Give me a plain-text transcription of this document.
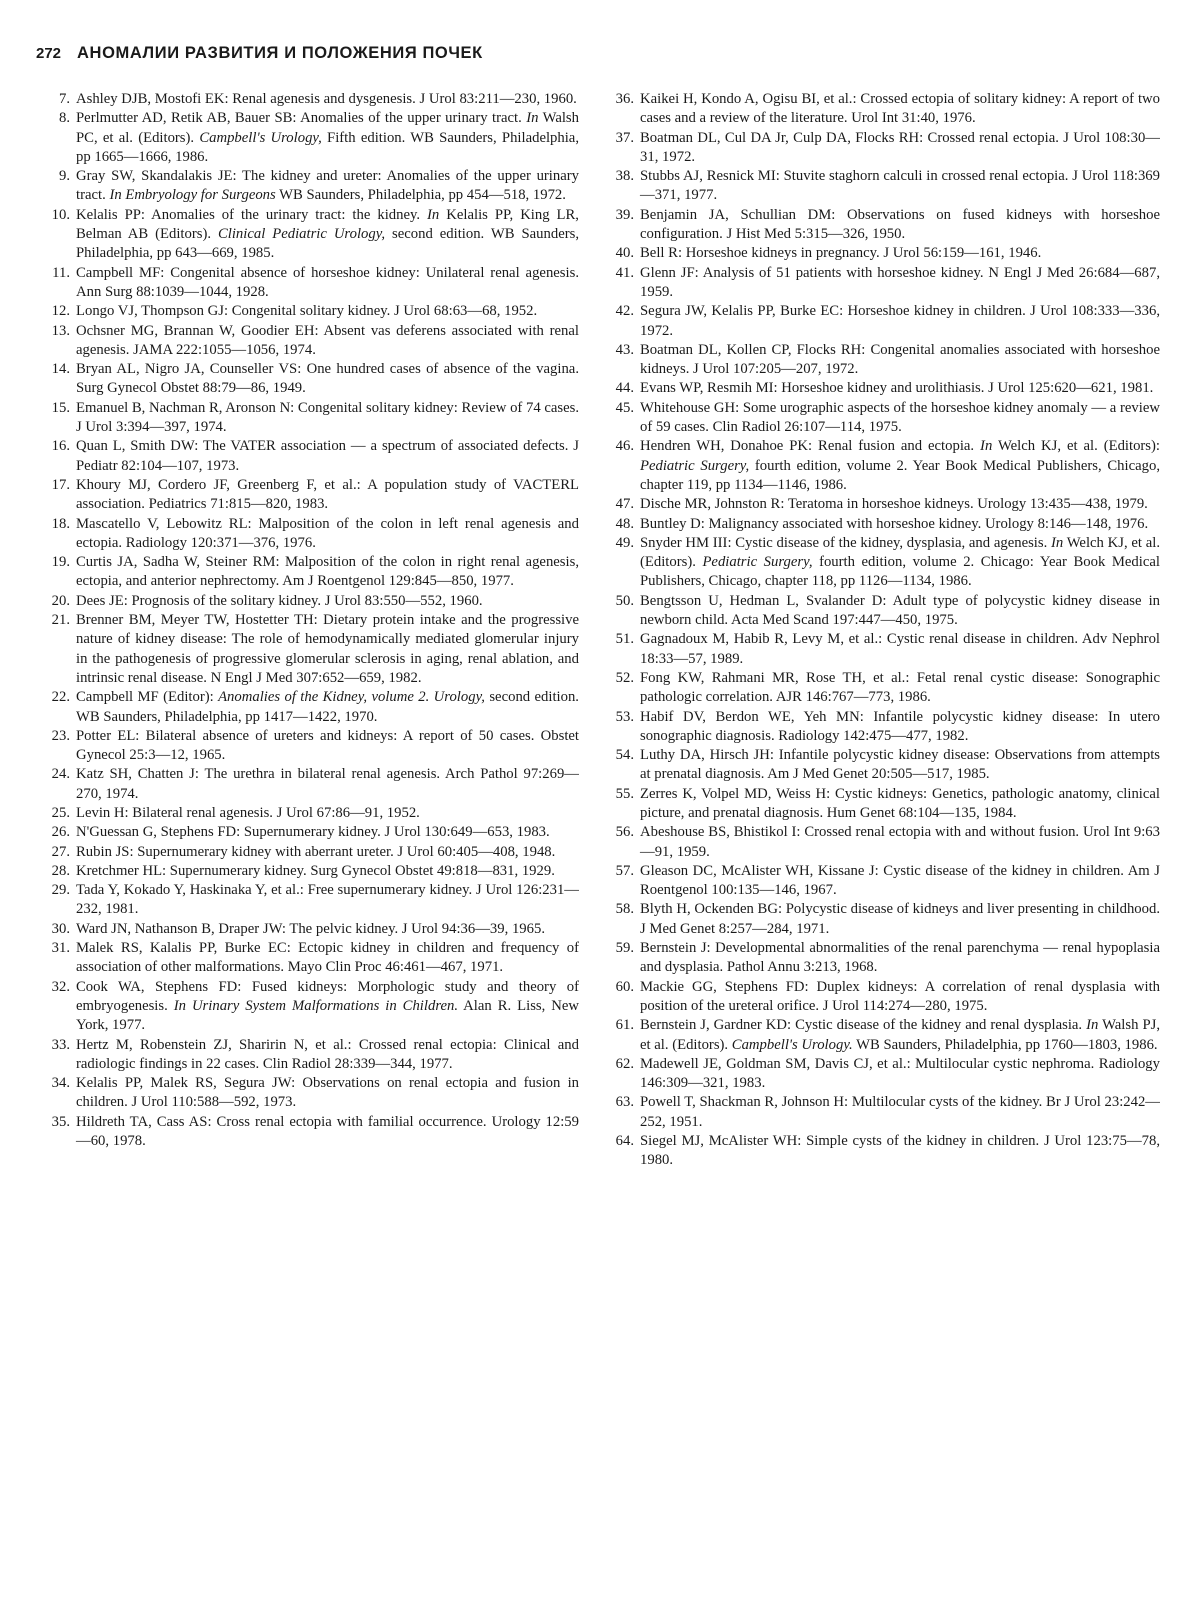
272 АНОМАЛИИ РАЗВИТИЯ И ПОЛОЖЕНИЯ ПОЧЕК
7. Ashley DJB, Mostofi EK: Renal agenesis and dysgenesis. J Urol 83:211—230, 1960.
8. Perlmutter AD, Retik AB, Bauer SB: Anomalies of the upper urinary tract. In Walsh PC, et al. (Editors). Campbell's Urology, Fifth edition. WB Saunders, Philadelphia, pp 1665—1666, 1986.
9. Gray SW, Skandalakis JE: The kidney and ureter: Anomalies of the upper urinary tract. In Embryology for Surgeons WB Saunders, Philadelphia, pp 454—518, 1972.
10. Kelalis PP: Anomalies of the urinary tract: the kidney. In Kelalis PP, King LR, Belman AB (Editors). Clinical Pediatric Urology, second edition. WB Saunders, Philadelphia, pp 643—669, 1985.
11. Campbell MF: Congenital absence of horseshoe kidney: Unilateral renal agenesis. Ann Surg 88:1039—1044, 1928.
12. Longo VJ, Thompson GJ: Congenital solitary kidney. J Urol 68:63—68, 1952.
13. Ochsner MG, Brannan W, Goodier EH: Absent vas deferens associated with renal agenesis. JAMA 222:1055—1056, 1974.
14. Bryan AL, Nigro JA, Counseller VS: One hundred cases of absence of the vagina. Surg Gynecol Obstet 88:79—86, 1949.
15. Emanuel B, Nachman R, Aronson N: Congenital solitary kidney: Review of 74 cases. J Urol 3:394—397, 1974.
16. Quan L, Smith DW: The VATER association — a spectrum of associated defects. J Pediatr 82:104—107, 1973.
17. Khoury MJ, Cordero JF, Greenberg F, et al.: A population study of VACTERL association. Pediatrics 71:815—820, 1983.
18. Mascatello V, Lebowitz RL: Malposition of the colon in left renal agenesis and ectopia. Radiology 120:371—376, 1976.
19. Curtis JA, Sadha W, Steiner RM: Malposition of the colon in right renal agenesis, ectopia, and anterior nephrectomy. Am J Roentgenol 129:845—850, 1977.
20. Dees JE: Prognosis of the solitary kidney. J Urol 83:550—552, 1960.
21. Brenner BM, Meyer TW, Hostetter TH: Dietary protein intake and the progressive nature of kidney disease: The role of hemodynamically mediated glomerular injury in the pathogenesis of progressive glomerular sclerosis in aging, renal ablation, and intrinsic renal disease. N Engl J Med 307:652—659, 1982.
22. Campbell MF (Editor): Anomalies of the Kidney, volume 2. Urology, second edition. WB Saunders, Philadelphia, pp 1417—1422, 1970.
23. Potter EL: Bilateral absence of ureters and kidneys: A report of 50 cases. Obstet Gynecol 25:3—12, 1965.
24. Katz SH, Chatten J: The urethra in bilateral renal agenesis. Arch Pathol 97:269—270, 1974.
25. Levin H: Bilateral renal agenesis. J Urol 67:86—91, 1952.
26. N'Guessan G, Stephens FD: Supernumerary kidney. J Urol 130:649—653, 1983.
27. Rubin JS: Supernumerary kidney with aberrant ureter. J Urol 60:405—408, 1948.
28. Kretchmer HL: Supernumerary kidney. Surg Gynecol Obstet 49:818—831, 1929.
29. Tada Y, Kokado Y, Haskinaka Y, et al.: Free supernumerary kidney. J Urol 126:231—232, 1981.
30. Ward JN, Nathanson B, Draper JW: The pelvic kidney. J Urol 94:36—39, 1965.
31. Malek RS, Kalalis PP, Burke EC: Ectopic kidney in children and frequency of association of other malformations. Mayo Clin Proc 46:461—467, 1971.
32. Cook WA, Stephens FD: Fused kidneys: Morphologic study and theory of embryogenesis. In Urinary System Malformations in Children. Alan R. Liss, New York, 1977.
33. Hertz M, Robenstein ZJ, Sharirin N, et al.: Crossed renal ectopia: Clinical and radiologic findings in 22 cases. Clin Radiol 28:339—344, 1977.
34. Kelalis PP, Malek RS, Segura JW: Observations on renal ectopia and fusion in children. J Urol 110:588—592, 1973.
35. Hildreth TA, Cass AS: Cross renal ectopia with familial occurrence. Urology 12:59—60, 1978.
36. Kaikei H, Kondo A, Ogisu BI, et al.: Crossed ectopia of solitary kidney: A report of two cases and a review of the literature. Urol Int 31:40, 1976.
37. Boatman DL, Cul DA Jr, Culp DA, Flocks RH: Crossed renal ectopia. J Urol 108:30—31, 1972.
38. Stubbs AJ, Resnick MI: Stuvite staghorn calculi in crossed renal ectopia. J Urol 118:369—371, 1977.
39. Benjamin JA, Schullian DM: Observations on fused kidneys with horseshoe configuration. J Hist Med 5:315—326, 1950.
40. Bell R: Horseshoe kidneys in pregnancy. J Urol 56:159—161, 1946.
41. Glenn JF: Analysis of 51 patients with horseshoe kidney. N Engl J Med 26:684—687, 1959.
42. Segura JW, Kelalis PP, Burke EC: Horseshoe kidney in children. J Urol 108:333—336, 1972.
43. Boatman DL, Kollen CP, Flocks RH: Congenital anomalies associated with horseshoe kidneys. J Urol 107:205—207, 1972.
44. Evans WP, Resmih MI: Horseshoe kidney and urolithiasis. J Urol 125:620—621, 1981.
45. Whitehouse GH: Some urographic aspects of the horseshoe kidney anomaly — a review of 59 cases. Clin Radiol 26:107—114, 1975.
46. Hendren WH, Donahoe PK: Renal fusion and ectopia. In Welch KJ, et al. (Editors): Pediatric Surgery, fourth edition, volume 2. Year Book Medical Publishers, Chicago, chapter 119, pp 1134—1146, 1986.
47. Dische MR, Johnston R: Teratoma in horseshoe kidneys. Urology 13:435—438, 1979.
48. Buntley D: Malignancy associated with horseshoe kidney. Urology 8:146—148, 1976.
49. Snyder HM III: Cystic disease of the kidney, dysplasia, and agenesis. In Welch KJ, et al. (Editors). Pediatric Surgery, fourth edition, volume 2. Chicago: Year Book Medical Publishers, Chicago, chapter 118, pp 1126—1134, 1986.
50. Bengtsson U, Hedman L, Svalander D: Adult type of polycystic kidney disease in newborn child. Acta Med Scand 197:447—450, 1975.
51. Gagnadoux M, Habib R, Levy M, et al.: Cystic renal disease in children. Adv Nephrol 18:33—57, 1989.
52. Fong KW, Rahmani MR, Rose TH, et al.: Fetal renal cystic disease: Sonographic pathologic correlation. AJR 146:767—773, 1986.
53. Habif DV, Berdon WE, Yeh MN: Infantile polycystic kidney disease: In utero sonographic diagnosis. Radiology 142:475—477, 1982.
54. Luthy DA, Hirsch JH: Infantile polycystic kidney disease: Observations from attempts at prenatal diagnosis. Am J Med Genet 20:505—517, 1985.
55. Zerres K, Volpel MD, Weiss H: Cystic kidneys: Genetics, pathologic anatomy, clinical picture, and prenatal diagnosis. Hum Genet 68:104—135, 1984.
56. Abeshouse BS, Bhistikol I: Crossed renal ectopia with and without fusion. Urol Int 9:63—91, 1959.
57. Gleason DC, McAlister WH, Kissane J: Cystic disease of the kidney in children. Am J Roentgenol 100:135—146, 1967.
58. Blyth H, Ockenden BG: Polycystic disease of kidneys and liver presenting in childhood. J Med Genet 8:257—284, 1971.
59. Bernstein J: Developmental abnormalities of the renal parenchyma — renal hypoplasia and dysplasia. Pathol Annu 3:213, 1968.
60. Mackie GG, Stephens FD: Duplex kidneys: A correlation of renal dysplasia with position of the ureteral orifice. J Urol 114:274—280, 1975.
61. Bernstein J, Gardner KD: Cystic disease of the kidney and renal dysplasia. In Walsh PJ, et al. (Editors). Campbell's Urology. WB Saunders, Philadelphia, pp 1760—1803, 1986.
62. Madewell JE, Goldman SM, Davis CJ, et al.: Multilocular cystic nephroma. Radiology 146:309—321, 1983.
63. Powell T, Shackman R, Johnson H: Multilocular cysts of the kidney. Br J Urol 23:242—252, 1951.
64. Siegel MJ, McAlister WH: Simple cysts of the kidney in children. J Urol 123:75—78, 1980.
